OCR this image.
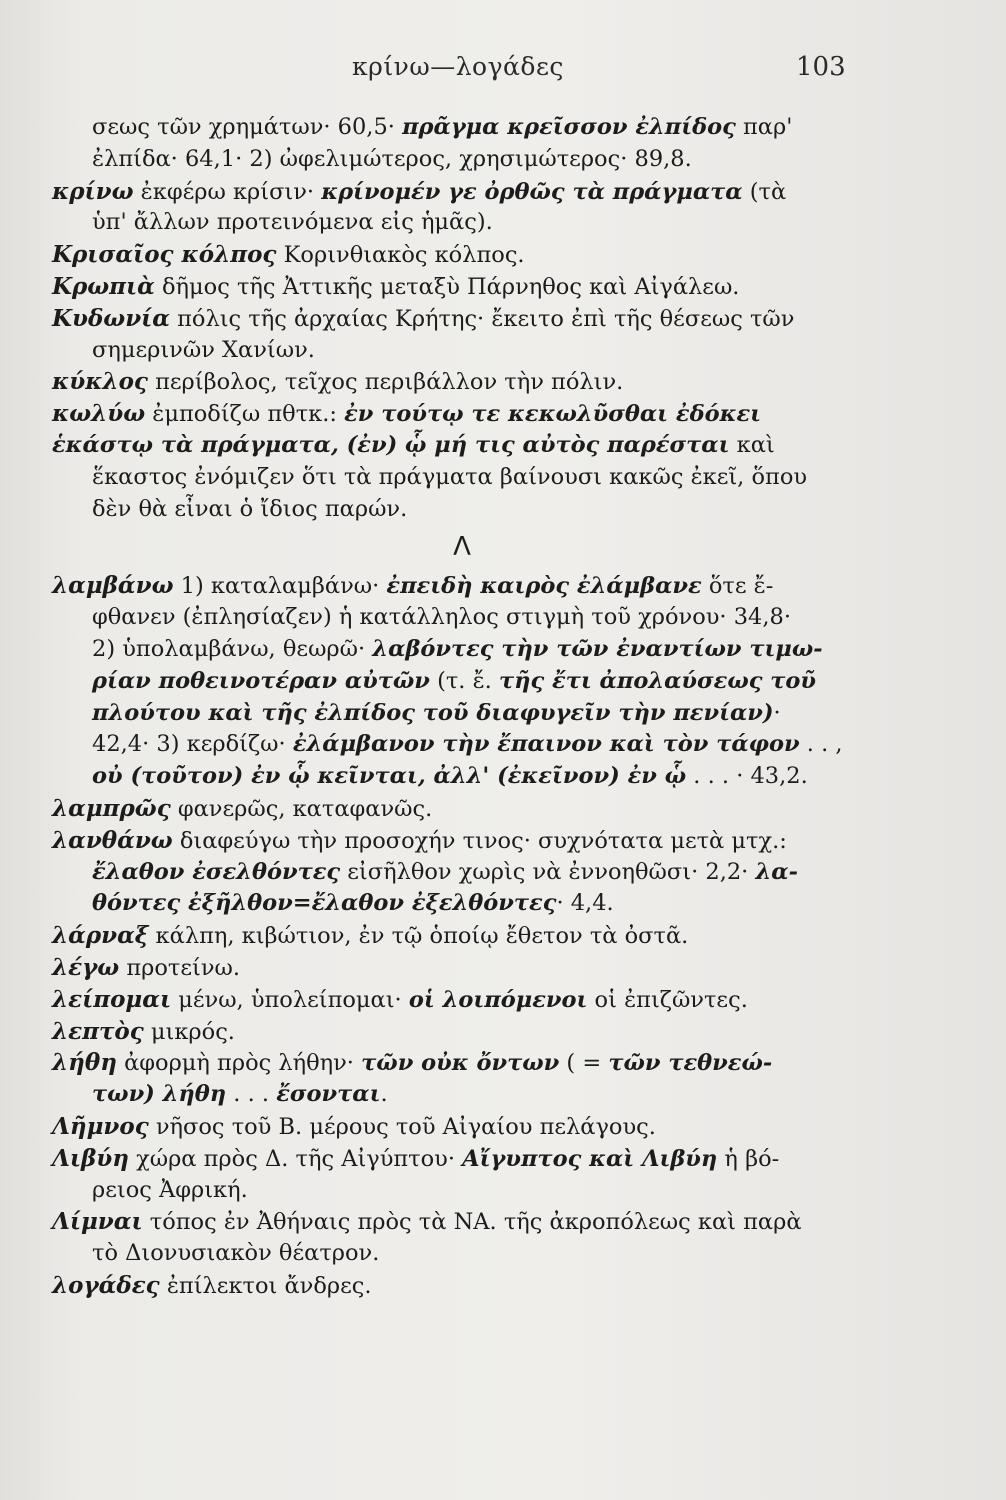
κρίνω—λογάδες	103
σεως τῶν χρημάτων· 60,5· πρᾶγμα κρεῖσσον ἐλπίδος παρ'
ἐλπίδα· 64,1· 2) ὠφελιμώτερος, χρησιμώτερος· 89,8.
κρίνω ἐκφέρω κρίσιν· κρίνομέν γε ὀρθῶς τὰ πράγματα (τὰ
ὑπ' ἄλλων προτεινόμενα εἰς ἡμᾶς).
Κρισαῖος κόλπος Κορινθιακὸς κόλπος.
Κρωπιὰ δῆμος τῆς Ἀττικῆς μεταξὺ Πάρνηθος καὶ Αἰγάλεω.
Κυδωνία πόλις τῆς ἀρχαίας Κρήτης· ἔκειτο ἐπὶ τῆς θέσεως τῶν
σημερινῶν Χανίων.
κύκλος περίβολος, τεῖχος περιβάλλον τὴν πόλιν.
κωλύω ἐμποδίζω πθτκ.: ἐν τούτῳ τε κεκωλῦσθαι ἐδόκει
ἑκάστῳ τὰ πράγματα, (ἐν) ᾧ μή τις αὐτὸς παρέσται καὶ
ἕκαστος ἐνόμιζεν ὅτι τὰ πράγματα βαίνουσι κακῶς ἐκεῖ, ὅπου
δὲν θὰ εἶναι ὁ ἴδιος παρών.
Λ
λαμβάνω 1) καταλαμβάνω· ἐπειδὴ καιρὸς ἐλάμβανε ὅτε ἔ-
φθανεν (ἐπλησίαζεν) ἡ κατάλληλος στιγμὴ τοῦ χρόνου· 34,8·
2) ὑπολαμβάνω, θεωρῶ· λαβόντες τὴν τῶν ἐναντίων τιμω-
ρίαν ποθεινοτέραν αὐτῶν (τ. ἔ. τῆς ἔτι ἀπολαύσεως τοῦ
πλούτου καὶ τῆς ἐλπίδος τοῦ διαφυγεῖν τὴν πενίαν)·
42,4· 3) κερδίζω· ἐλάμβανον τὴν ἔπαινον καὶ τὸν τάφον . . ,
οὐ (τοῦτον) ἐν ᾧ κεῖνται, ἀλλ' (ἐκεῖνον) ἐν ᾧ . . . · 43,2.
λαμπρῶς φανερῶς, καταφανῶς.
λανθάνω διαφεύγω τὴν προσοχήν τινος· συχνότατα μετὰ μτχ.:
ἔλαθον ἐσελθόντες εἰσῆλθον χωρὶς νὰ ἐννοηθῶσι· 2,2· λα-
θόντες ἐξῆλθον=ἔλαθον ἐξελθόντες· 4,4.
λάρναξ κάλπη, κιβώτιον, ἐν τῷ ὁποίῳ ἔθετον τὰ ὀστᾶ.
λέγω προτείνω.
λείπομαι μένω, ὑπολείπομαι· οἱ λοιπόμενοι οἱ ἐπιζῶντες.
λεπτὸς μικρός.
λήθη ἀφορμὴ πρὸς λήθην· τῶν οὐκ ὄντων ( = τῶν τεθνεώ-
των) λήθη . . . ἔσονται.
Λῆμνος νῆσος τοῦ Β. μέρους τοῦ Αἰγαίου πελάγους.
Λιβύη χώρα πρὸς Δ. τῆς Αἰγύπτου· Αἴγυπτος καὶ Λιβύη ἡ βό-
ρειος Ἀφρική.
Λίμναι τόπος ἐν Ἀθήναις πρὸς τὰ ΝΑ. τῆς ἀκροπόλεως καὶ παρὰ
τὸ Διονυσιακὸν θέατρον.
λογάδες ἐπίλεκτοι ἄνδρες.
